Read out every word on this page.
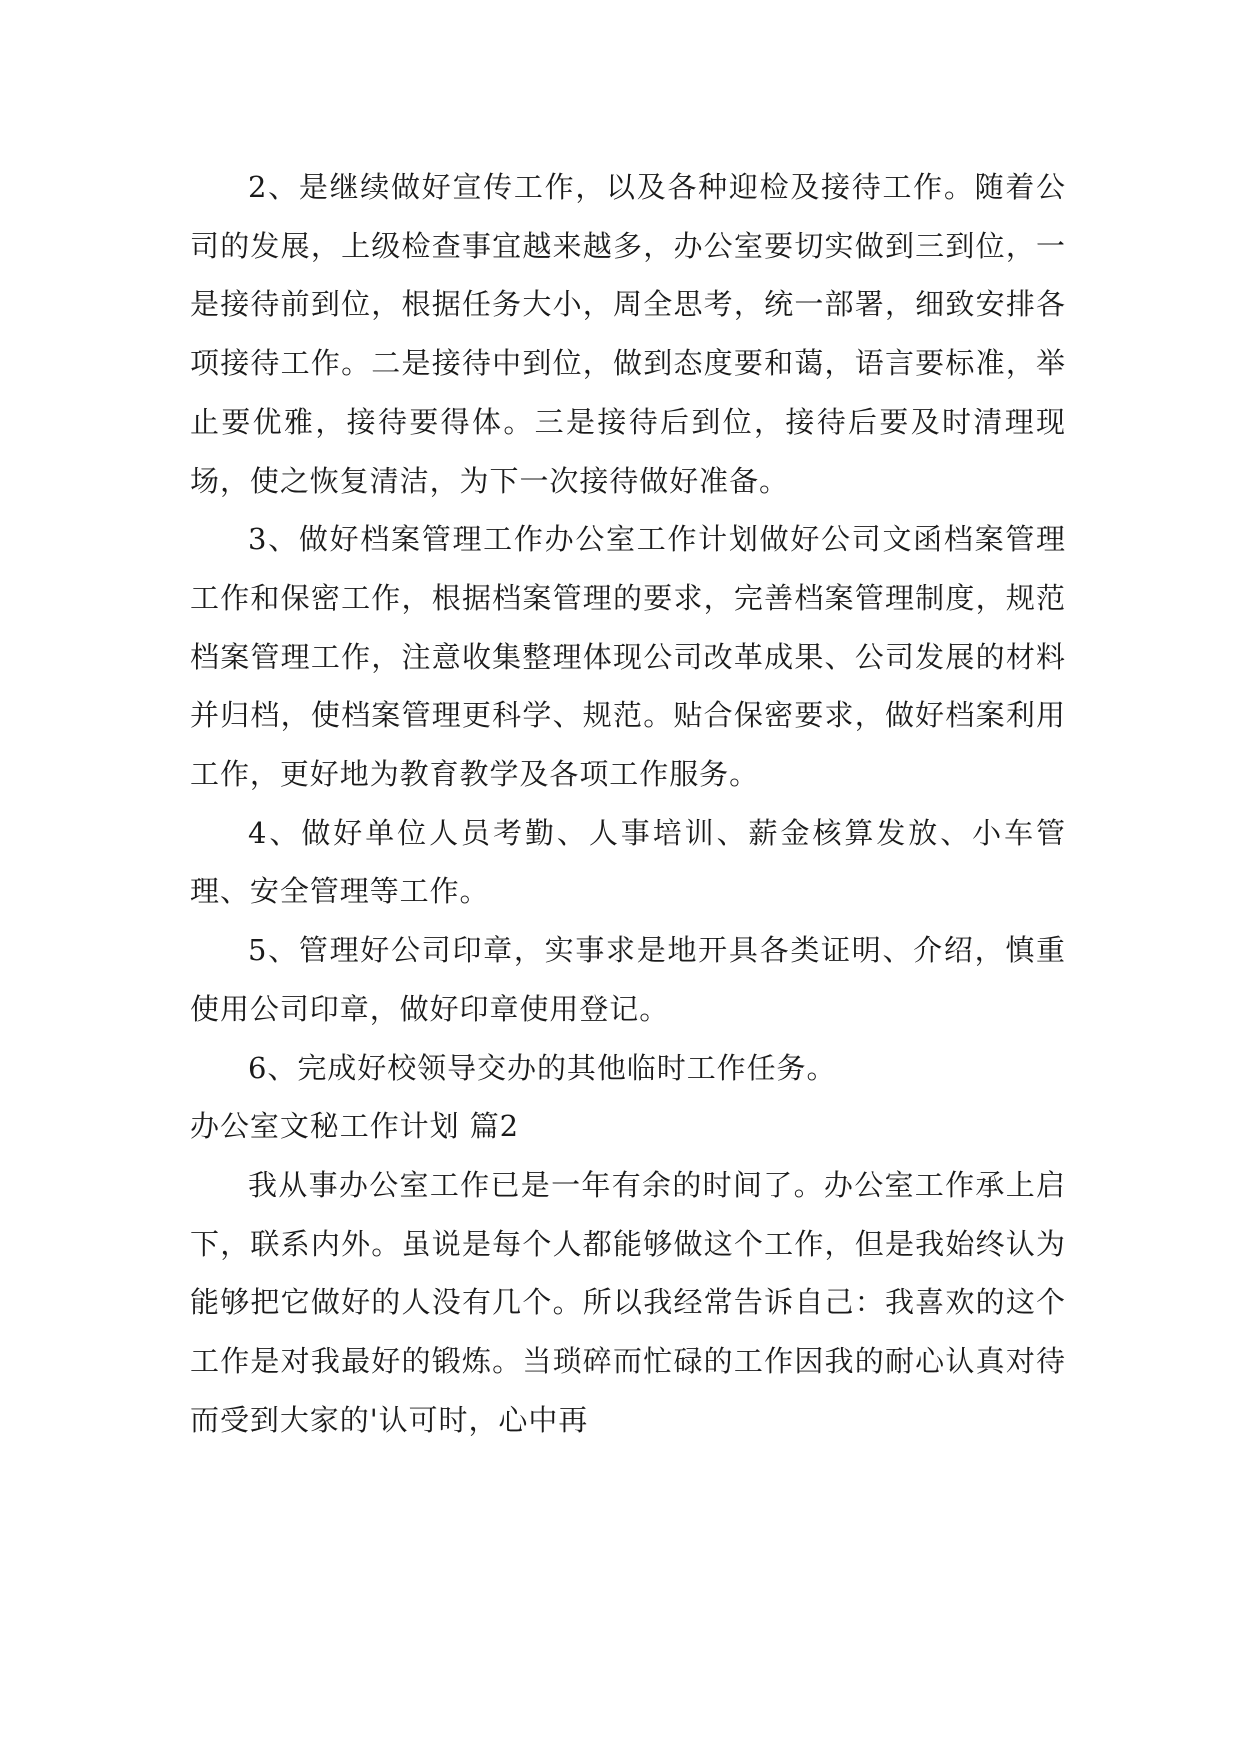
2、是继续做好宣传工作，以及各种迎检及接待工作。随着公司的发展，上级检查事宜越来越多，办公室要切实做到三到位，一是接待前到位，根据任务大小，周全思考，统一部署，细致安排各项接待工作。二是接待中到位，做到态度要和蔼，语言要标准，举止要优雅，接待要得体。三是接待后到位，接待后要及时清理现场，使之恢复清洁，为下一次接待做好准备。

3、做好档案管理工作办公室工作计划做好公司文函档案管理工作和保密工作，根据档案管理的要求，完善档案管理制度，规范档案管理工作，注意收集整理体现公司改革成果、公司发展的材料并归档，使档案管理更科学、规范。贴合保密要求，做好档案利用工作，更好地为教育教学及各项工作服务。

4、做好单位人员考勤、人事培训、薪金核算发放、小车管理、安全管理等工作。

5、管理好公司印章，实事求是地开具各类证明、介绍，慎重使用公司印章，做好印章使用登记。

6、完成好校领导交办的其他临时工作任务。

办公室文秘工作计划 篇2

我从事办公室工作已是一年有余的时间了。办公室工作承上启下，联系内外。虽说是每个人都能够做这个工作，但是我始终认为能够把它做好的人没有几个。所以我经常告诉自己：我喜欢的这个工作是对我最好的锻炼。当琐碎而忙碌的工作因我的耐心认真对待而受到大家的'认可时，心中再
